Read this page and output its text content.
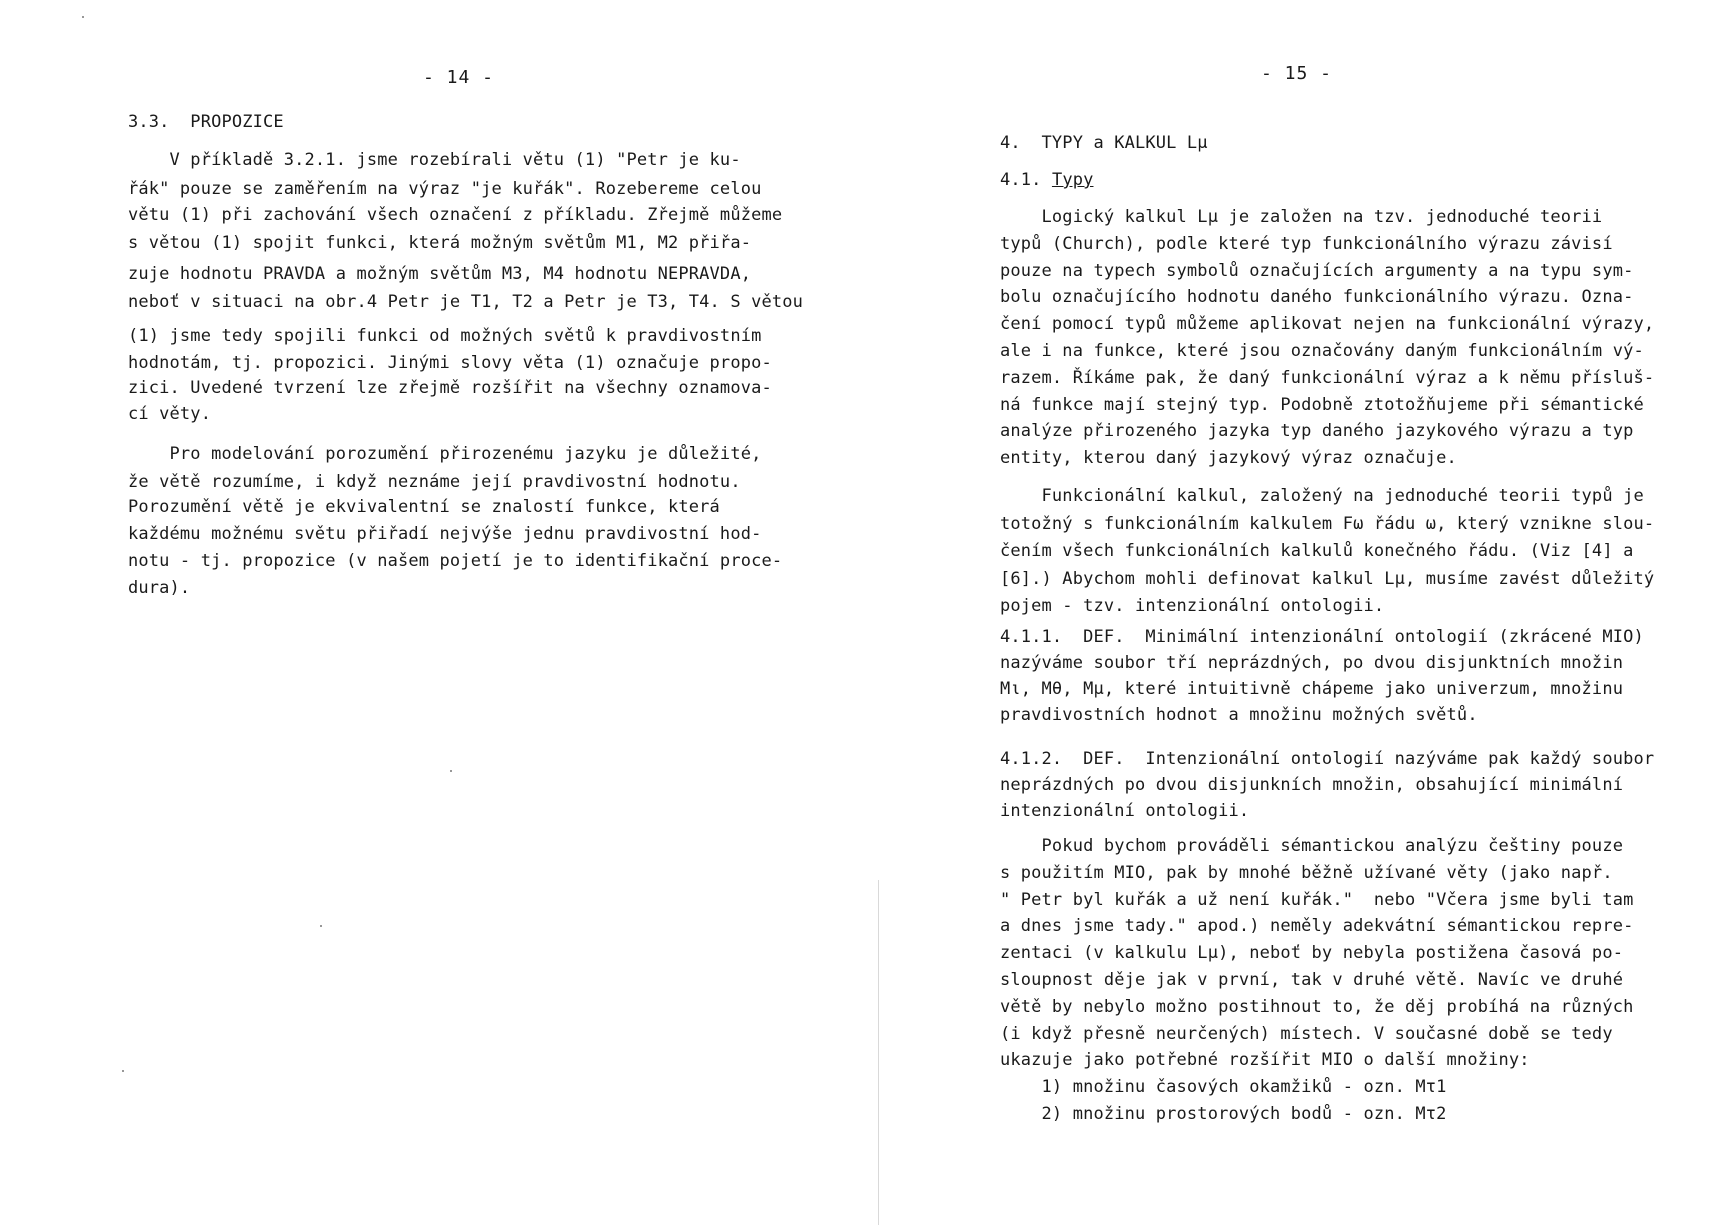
- 14 -
3.3.  PROPOZICE
V příkladě 3.2.1. jsme rozebírali větu (1) "Petr je ku-
řák" pouze se zaměřením na výraz "je kuřák". Rozebereme celou
větu (1) při zachování všech označení z příkladu. Zřejmě můžeme
s větou (1) spojit funkci, která možným světům M1, M2 přiřa-
zuje hodnotu PRAVDA a možným světům M3, M4 hodnotu NEPRAVDA,
neboť v situaci na obr.4 Petr je T1, T2 a Petr je T3, T4. S větou
(1) jsme tedy spojili funkci od možných světů k pravdivostním
hodnotám, tj. propozici. Jinými slovy věta (1) označuje propo-
zici. Uvedené tvrzení lze zřejmě rozšířit na všechny oznamova-
cí věty.
Pro modelování porozumění přirozenému jazyku je důležité,
že větě rozumíme, i když neznáme její pravdivostní hodnotu.
Porozumění větě je ekvivalentní se znalostí funkce, která
každému možnému světu přiřadí nejvýše jednu pravdivostní hod-
notu - tj. propozice (v našem pojetí je to identifikační proce-
dura).
- 15 -
4.  TYPY a KALKUL Lμ
4.1. Typy
Logický kalkul Lμ je založen na tzv. jednoduché teorii
typů (Church), podle které typ funkcionálního výrazu závisí
pouze na typech symbolů označujících argumenty a na typu sym-
bolu označujícího hodnotu daného funkcionálního výrazu. Ozna-
čení pomocí typů můžeme aplikovat nejen na funkcionální výrazy,
ale i na funkce, které jsou označovány daným funkcionálním vý-
razem. Říkáme pak, že daný funkcionální výraz a k němu přísluš-
ná funkce mají stejný typ. Podobně ztotožňujeme při sémantické
analýze přirozeného jazyka typ daného jazykového výrazu a typ
entity, kterou daný jazykový výraz označuje.
Funkcionální kalkul, založený na jednoduché teorii typů je
totožný s funkcionálním kalkulem Fω řádu ω, který vznikne slou-
čením všech funkcionálních kalkulů konečného řádu. (Viz [4] a
[6].) Abychom mohli definovat kalkul Lμ, musíme zavést důležitý
pojem - tzv. intenzionální ontologii.
4.1.1.  DEF.  Minimální intenzionální ontologií (zkrácené MIO)
nazýváme soubor tří neprázdných, po dvou disjunktních množin
Mι, Mθ, Mμ, které intuitivně chápeme jako univerzum, množinu
pravdivostních hodnot a množinu možných světů.
4.1.2.  DEF.  Intenzionální ontologií nazýváme pak každý soubor
neprázdných po dvou disjunkních množin, obsahující minimální
intenzionální ontologii.
Pokud bychom prováděli sémantickou analýzu češtiny pouze
s použitím MIO, pak by mnohé běžně užívané věty (jako např.
" Petr byl kuřák a už není kuřák."  nebo "Včera jsme byli tam
a dnes jsme tady." apod.) neměly adekvátní sémantickou repre-
zentaci (v kalkulu Lμ), neboť by nebyla postižena časová po-
sloupnost děje jak v první, tak v druhé větě. Navíc ve druhé
větě by nebylo možno postihnout to, že děj probíhá na různých
(i když přesně neurčených) místech. V současné době se tedy
ukazuje jako potřebné rozšířit MIO o další množiny:
1) množinu časových okamžiků - ozn. Mτ1
2) množinu prostorových bodů - ozn. Mτ2
